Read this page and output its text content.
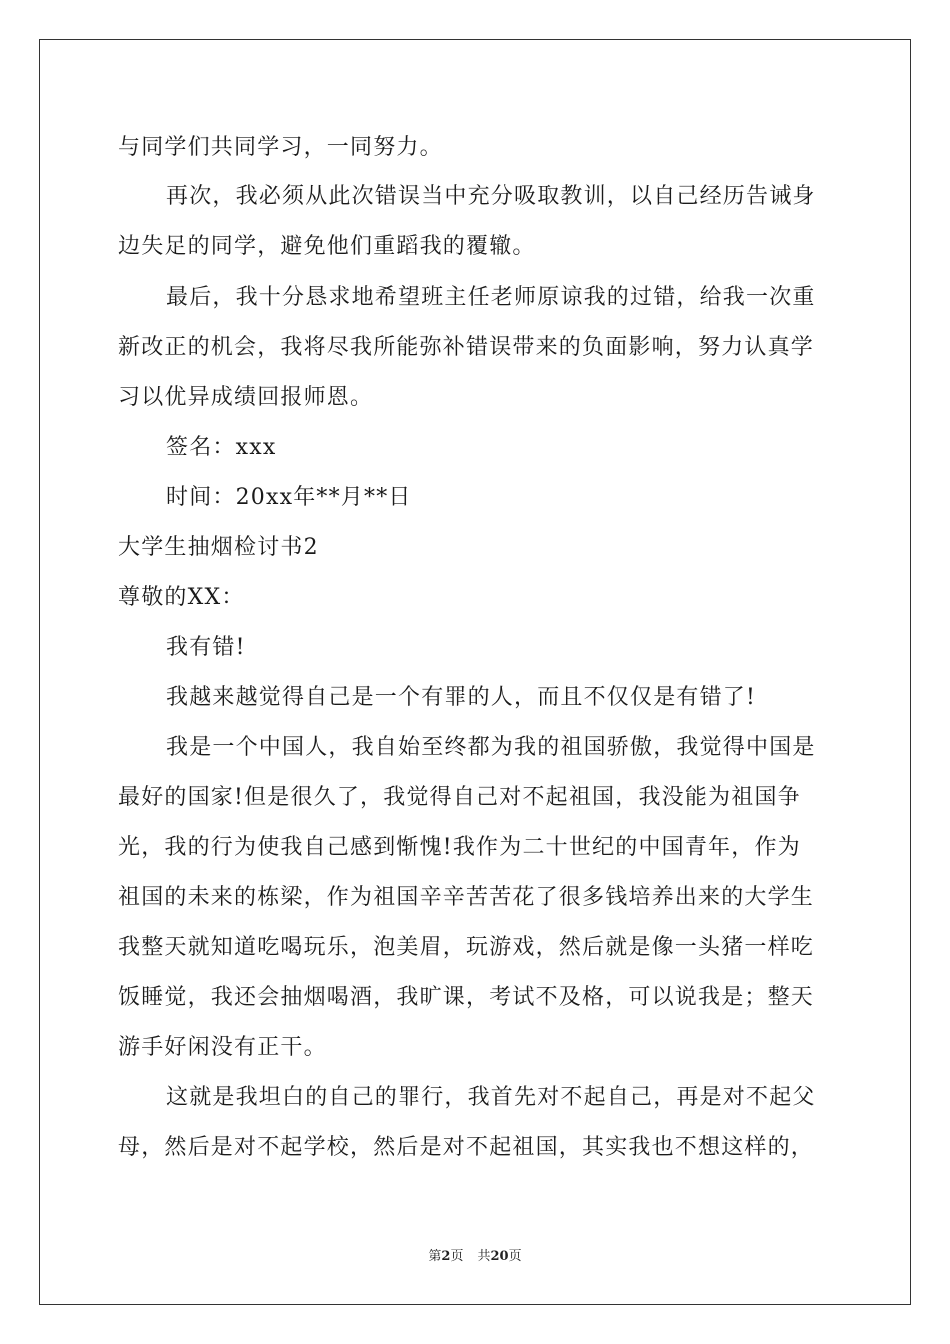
与同学们共同学习，一同努力。
再次，我必须从此次错误当中充分吸取教训，以自己经历告诫身
边失足的同学，避免他们重蹈我的覆辙。
最后，我十分恳求地希望班主任老师原谅我的过错，给我一次重
新改正的机会，我将尽我所能弥补错误带来的负面影响，努力认真学
习以优异成绩回报师恩。
签名：xxx
时间：20xx年**月**日
大学生抽烟检讨书2
尊敬的XX：
我有错!
我越来越觉得自己是一个有罪的人，而且不仅仅是有错了!
我是一个中国人，我自始至终都为我的祖国骄傲，我觉得中国是
最好的国家!但是很久了，我觉得自己对不起祖国，我没能为祖国争
光，我的行为使我自己感到惭愧!我作为二十世纪的中国青年，作为
祖国的未来的栋梁，作为祖国辛辛苦苦花了很多钱培养出来的大学生
我整天就知道吃喝玩乐，泡美眉，玩游戏，然后就是像一头猪一样吃
饭睡觉，我还会抽烟喝酒，我旷课，考试不及格，可以说我是；整天
游手好闲没有正干。
这就是我坦白的自己的罪行，我首先对不起自己，再是对不起父
母，然后是对不起学校，然后是对不起祖国，其实我也不想这样的，
第2页 共20页
